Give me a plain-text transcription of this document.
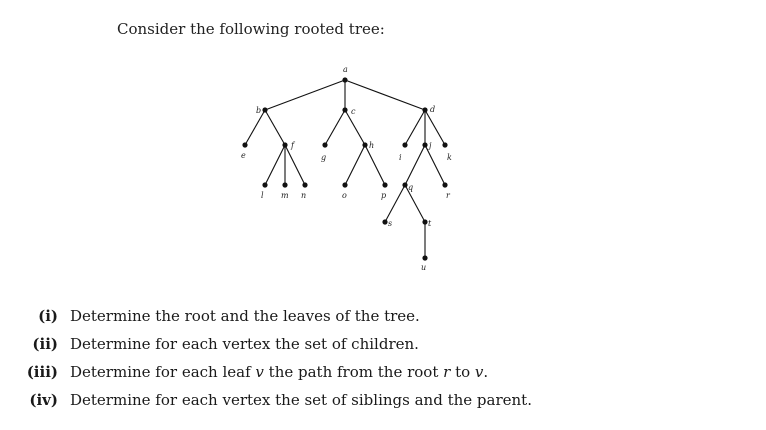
Consider the following rooted tree:
a
b	c	d
e
f
g
h
i
j
k
l m n	o	p
q
r
s	t
u
(i) Determine the root and the leaves of the tree.
(ii) Determine for each vertex the set of children.
(iii) Determine for each leaf v the path from the root r to v.
(iv) Determine for each vertex the set of siblings and the parent.
